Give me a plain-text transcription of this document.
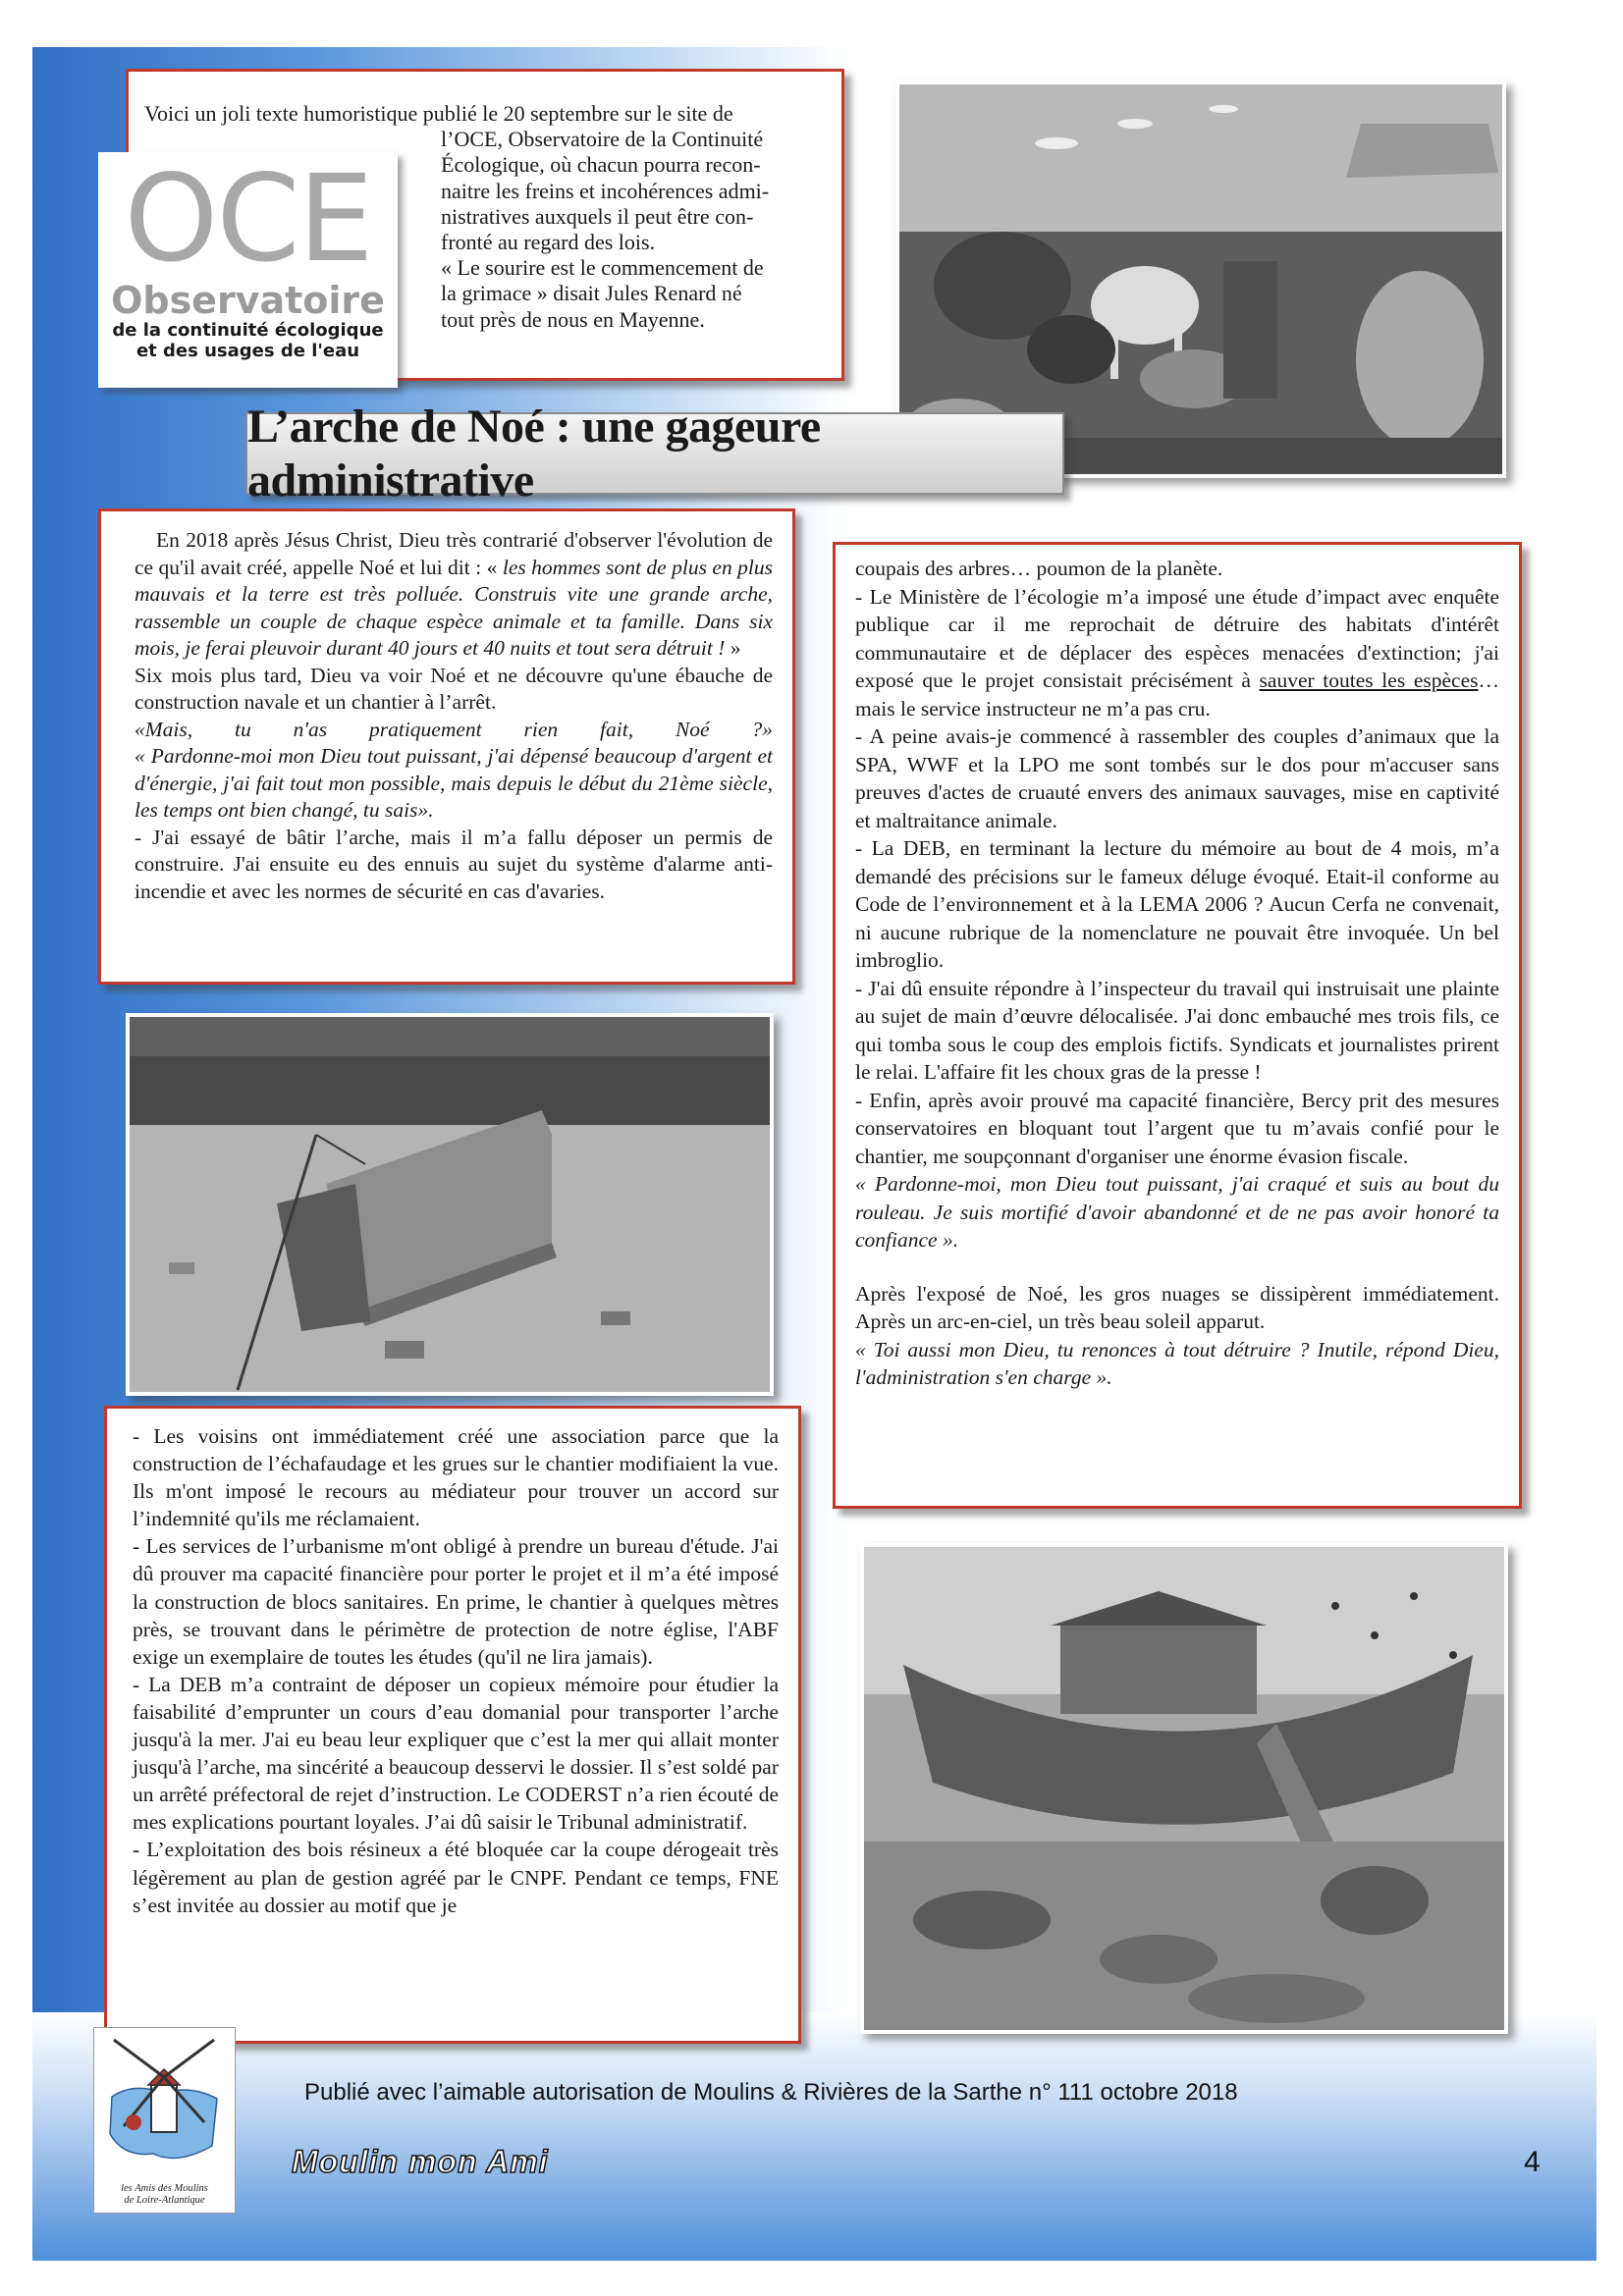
Voici un joli texte humoristique publié le 20 septembre sur le site de
l’OCE, Observatoire de la Continuité
Écologique, où chacun pourra recon-
naitre les freins et incohérences admi-
nistratives auxquels il peut être con-
fronté au regard des lois.
« Le sourire est le commencement de
la grimace » disait Jules Renard né
tout près de nous en Mayenne.
OCE
Observatoire
de la continuité écologique
et des usages de l'eau
L’arche de Noé : une gageure administrative

En 2018 après Jésus Christ, Dieu très contrarié d'observer l'évolution de ce qu'il avait créé, appelle Noé et lui dit : « les hommes sont de plus en plus mauvais et la terre est très polluée. Construis vite une grande arche, rassemble un couple de chaque espèce animale et ta famille. Dans six mois, je ferai pleuvoir durant 40 jours et 40 nuits et tout sera détruit ! »

Six mois plus tard, Dieu va voir Noé et ne découvre qu'une ébauche de construction navale et un chantier à l’arrêt.

«Mais, tu n'as pratiquement rien fait, Noé ?»

« Pardonne-moi mon Dieu tout puissant, j'ai dépensé beaucoup d'argent et d'énergie, j'ai fait tout mon possible, mais depuis le début du 21ème siècle, les temps ont bien changé, tu sais».

- J'ai essayé de bâtir l’arche, mais il m’a fallu déposer un permis de construire. J'ai ensuite eu des ennuis au sujet du système d'alarme anti-incendie et avec les normes de sécurité en cas d'avaries.

- Les voisins ont immédiatement créé une association parce que la construction de l’échafaudage et les grues sur le chantier modifiaient la vue. Ils m'ont imposé le recours au médiateur pour trouver un accord sur l’indemnité qu'ils me réclamaient.

- Les services de l’urbanisme m'ont obligé à prendre un bureau d'étude. J'ai dû prouver ma capacité financière pour porter le projet et il m’a été imposé la construction de blocs sanitaires. En prime, le chantier à quelques mètres près, se trouvant dans le périmètre de protection de notre église, l'ABF exige un exemplaire de toutes les études (qu'il ne lira jamais).

- La DEB m’a contraint de déposer un copieux mémoire pour étudier la faisabilité d’emprunter un cours d’eau domanial pour transporter l’arche jusqu'à la mer. J'ai eu beau leur expliquer que c’est la mer qui allait monter jusqu'à l’arche, ma sincérité a beaucoup desservi le dossier. Il s’est soldé par un arrêté préfectoral de rejet d’instruction. Le CODERST n’a rien écouté de mes explications pourtant loyales. J’ai dû saisir le Tribunal administratif.

- L’exploitation des bois résineux a été bloquée car la coupe dérogeait très légèrement au plan de gestion agréé par le CNPF. Pendant ce temps, FNE s’est invitée au dossier au motif que je

coupais des arbres… poumon de la planète.

- Le Ministère de l’écologie m’a imposé une étude d’impact avec enquête publique car il me reprochait de détruire des habitats d'intérêt communautaire et de déplacer des espèces menacées d'extinction; j'ai exposé que le projet consistait précisément à sauver toutes les espèces… mais le service instructeur ne m’a pas cru.

- A peine avais-je commencé à rassembler des couples d’animaux que la SPA, WWF et la LPO me sont tombés sur le dos pour m'accuser sans preuves d'actes de cruauté envers des animaux sauvages, mise en captivité et maltraitance animale.

- La DEB, en terminant la lecture du mémoire au bout de 4 mois, m’a demandé des précisions sur le fameux déluge évoqué. Etait-il conforme au Code de l’environnement et à la LEMA 2006 ? Aucun Cerfa ne convenait, ni aucune rubrique de la nomenclature ne pouvait être invoquée. Un bel imbroglio.

- J'ai dû ensuite répondre à l’inspecteur du travail qui instruisait une plainte au sujet de main d’œuvre délocalisée. J'ai donc embauché mes trois fils, ce qui tomba sous le coup des emplois fictifs. Syndicats et journalistes prirent le relai. L'affaire fit les choux gras de la presse !

- Enfin, après avoir prouvé ma capacité financière, Bercy prit des mesures conservatoires en bloquant tout l’argent que tu m’avais confié pour le chantier, me soupçonnant d'organiser une énorme évasion fiscale.

« Pardonne-moi, mon Dieu tout puissant, j'ai craqué et suis au bout du rouleau. Je suis mortifié d'avoir abandonné et de ne pas avoir honoré ta confiance ».

Après l'exposé de Noé, les gros nuages se dissipèrent immédiatement. Après un arc-en-ciel, un très beau soleil apparut.

« Toi aussi mon Dieu, tu renonces à tout détruire ? Inutile, répond Dieu, l'administration s'en charge ».

les Amis des Moulins
de Loire-Atlantique
Publié avec l’aimable autorisation de Moulins & Rivières de la Sarthe n° 111 octobre 2018
Moulin mon Ami	4
